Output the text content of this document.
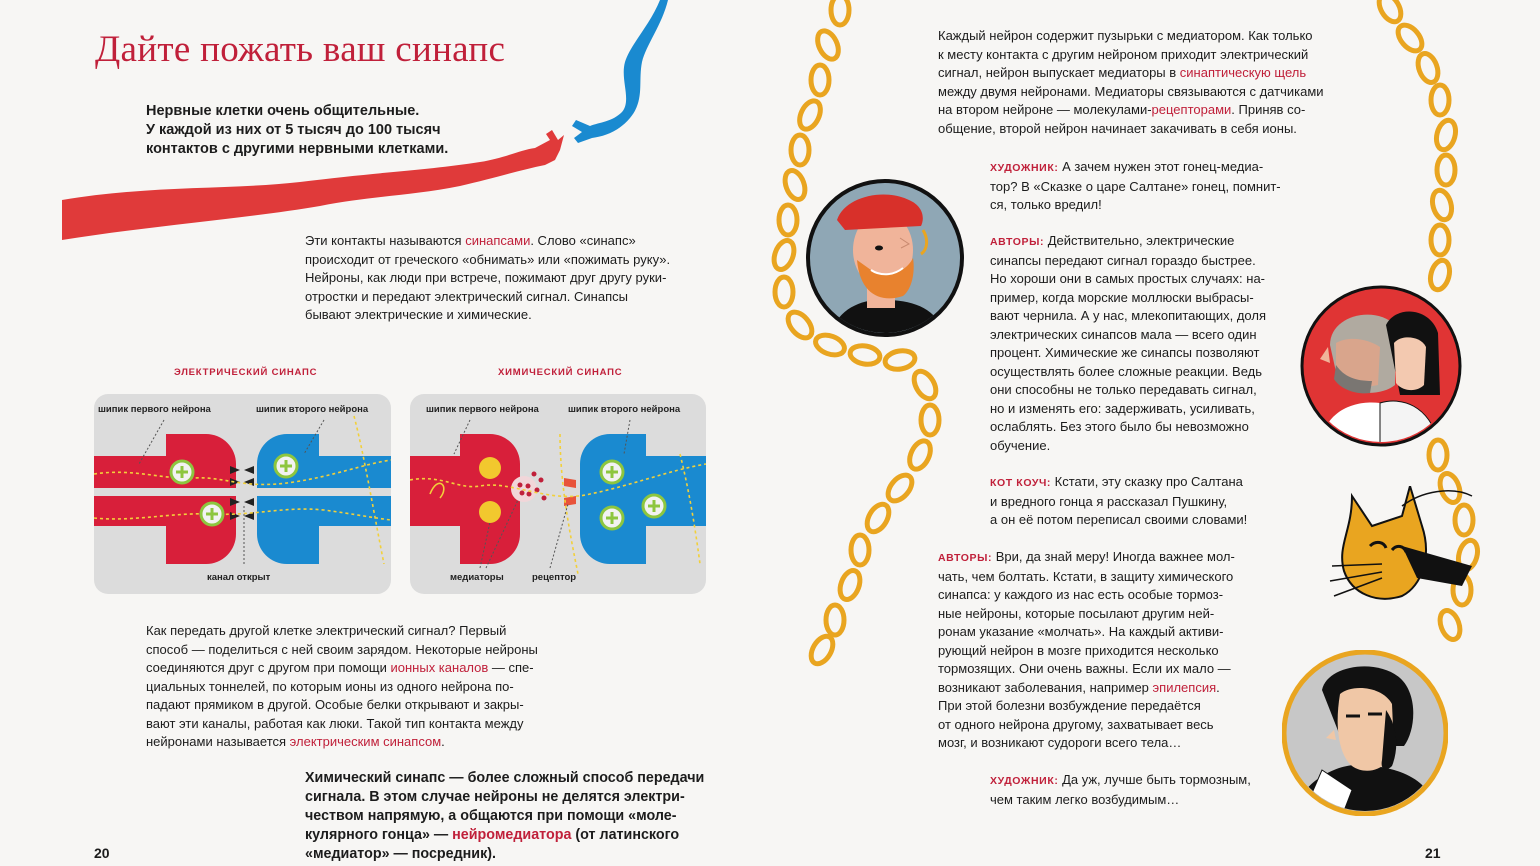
Дайте пожать ваш синапс
Нервные клетки очень общительные.
У каждой из них от 5 тысяч до 100 тысяч
контактов с другими нервными клетками.
Эти контакты называются синапсами. Слово «синапс»
происходит от греческого «обнимать» или «пожимать руку».
Нейроны, как люди при встрече, пожимают друг другу руки-
отростки и передают электрический сигнал. Синапсы
бывают электрические и химические.
ЭЛЕКТРИЧЕСКИЙ СИНАПС	ХИМИЧЕСКИЙ СИНАПС
шипик первого нейрона	шипик второго нейрона
канал открыт
шипик первого нейрона	шипик второго нейрона
медиаторы	рецептор
Как передать другой клетке электрический сигнал? Первый
способ — поделиться с ней своим зарядом. Некоторые нейроны
соединяются друг с другом при помощи ионных каналов — спе-
циальных тоннелей, по которым ионы из одного нейрона по-
падают прямиком в другой. Особые белки открывают и закры-
вают эти каналы, работая как люки. Такой тип контакта между
нейронами называется электрическим синапсом.
Химический синапс — более сложный способ передачи
сигнала. В этом случае нейроны не делятся электри-
чеством напрямую, а общаются при помощи «моле-
кулярного гонца» — нейромедиатора (от латинского
«медиатор» — посредник).
20
Каждый нейрон содержит пузырьки с медиатором. Как только
к месту контакта с другим нейроном приходит электрический
сигнал, нейрон выпускает медиаторы в синаптическую щель
между двумя нейронами. Медиаторы связываются с датчиками
на втором нейроне — молекулами-рецепторами. Приняв со-
общение, второй нейрон начинает закачивать в себя ионы.
ХУДОЖНИК: А зачем нужен этот гонец-медиа-
тор? В «Сказке о царе Салтане» гонец, помнит-
ся, только вредил!
АВТОРЫ: Действительно, электрические
синапсы передают сигнал гораздо быстрее.
Но хороши они в самых простых случаях: на-
пример, когда морские моллюски выбрасы-
вают чернила. А у нас, млекопитающих, доля
электрических синапсов мала — всего один
процент. Химические же синапсы позволяют
осуществлять более сложные реакции. Ведь
они способны не только передавать сигнал,
но и изменять его: задерживать, усиливать,
ослаблять. Без этого было бы невозможно
обучение.
КОТ КОУЧ: Кстати, эту сказку про Салтана
и вредного гонца я рассказал Пушкину,
а он её потом переписал своими словами!
АВТОРЫ: Ври, да знай меру! Иногда важнее мол-
чать, чем болтать. Кстати, в защиту химического
синапса: у каждого из нас есть особые тормоз-
ные нейроны, которые посылают другим ней-
ронам указание «молчать». На каждый активи-
рующий нейрон в мозге приходится несколько
тормозящих. Они очень важны. Если их мало —
возникают заболевания, например эпилепсия.
При этой болезни возбуждение передаётся
от одного нейрона другому, захватывает весь
мозг, и возникают судороги всего тела…
ХУДОЖНИК: Да уж, лучше быть тормозным,
чем таким легко возбудимым…
21
